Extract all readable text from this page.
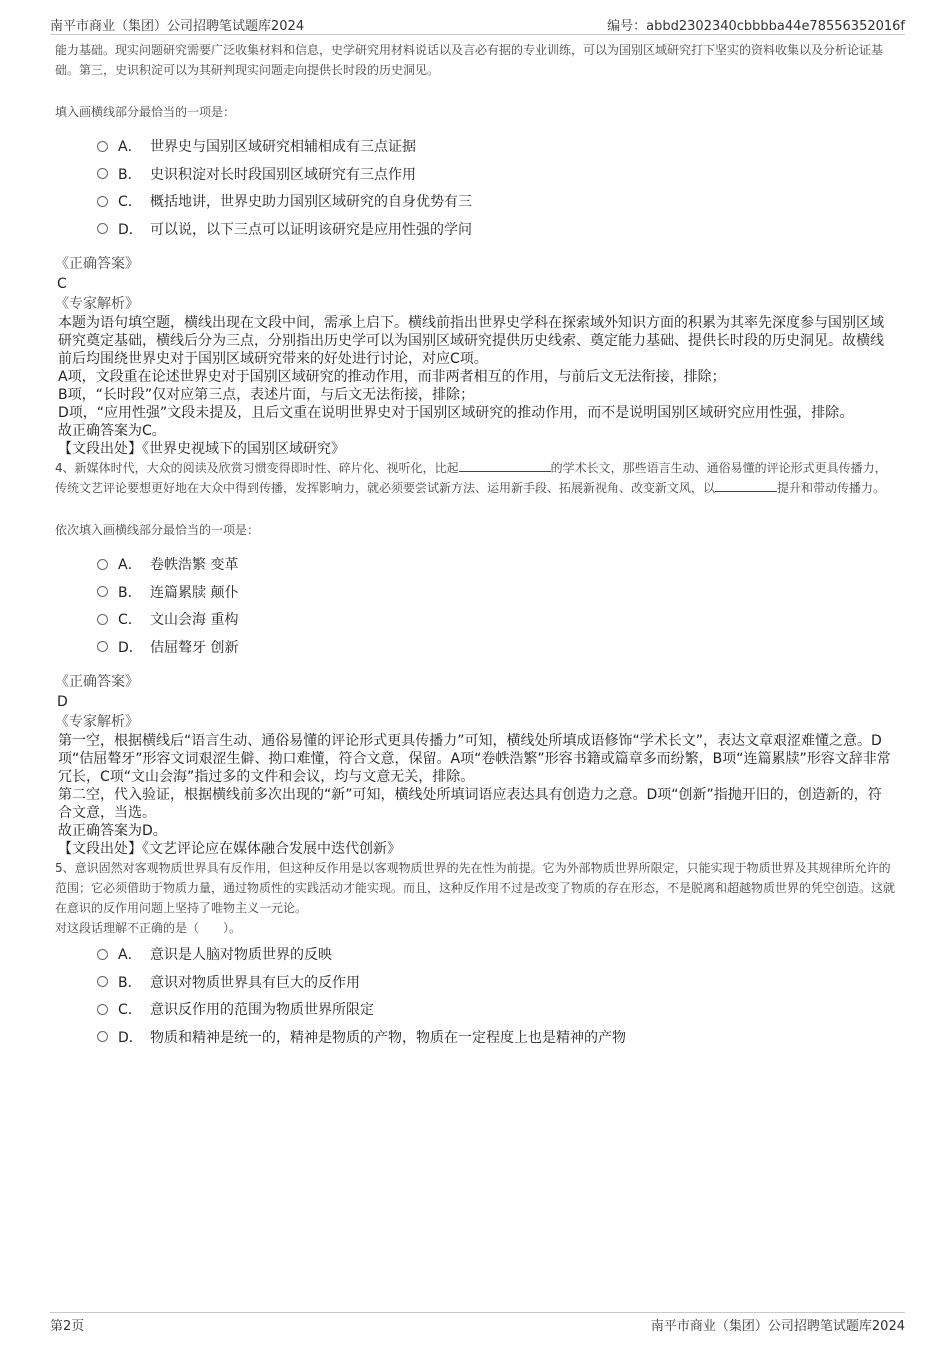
南平市商业（集团）公司招聘笔试题库2024	编号：abbd2302340cbbbba44e78556352016f

能力基础。现实问题研究需要广泛收集材料和信息，史学研究用材料说话以及言必有据的专业训练，可以为国别区域研究打下坚实的资料收集以及分析论证基础。第三，史识积淀可以为其研判现实问题走向提供长时段的历史洞见。

填入画横线部分最恰当的一项是：

A． 世界史与国别区域研究相辅相成有三点证据
B． 史识积淀对长时段国别区域研究有三点作用
C． 概括地讲，世界史助力国别区域研究的自身优势有三
D． 可以说，以下三点可以证明该研究是应用性强的学问

《正确答案》

C

《专家解析》

本题为语句填空题，横线出现在文段中间，需承上启下。横线前指出世界史学科在探索域外知识方面的积累为其率先深度参与国别区域研究奠定基础，横线后分为三点，分别指出历史学可以为国别区域研究提供历史线索、奠定能力基础、提供长时段的历史洞见。故横线前后均围绕世界史对于国别区域研究带来的好处进行讨论，对应C项。

A项，文段重在论述世界史对于国别区域研究的推动作用，而非两者相互的作用，与前后文无法衔接，排除；

B项，“长时段”仅对应第三点，表述片面，与后文无法衔接，排除；

D项，“应用性强”文段未提及，且后文重在说明世界史对于国别区域研究的推动作用，而不是说明国别区域研究应用性强，排除。

故正确答案为C。

【文段出处】《世界史视域下的国别区域研究》

4、新媒体时代，大众的阅读及欣赏习惯变得即时性、碎片化、视听化，比起	的学术长文，那些语言生动、通俗易懂的评论形式更具传播力，传统文艺评论要想更好地在大众中得到传播，发挥影响力，就必须要尝试新方法、运用新手段、拓展新视角、改变新文风，以	提升和带动传播力。

依次填入画横线部分最恰当的一项是：

A． 卷帙浩繁 变革
B． 连篇累牍 颠仆
C． 文山会海 重构
D． 佶屈聱牙 创新

《正确答案》

D

《专家解析》

第一空，根据横线后“语言生动、通俗易懂的评论形式更具传播力”可知，横线处所填成语修饰“学术长文”，表达文章艰涩难懂之意。D项“佶屈聱牙”形容文词艰涩生僻、拗口难懂，符合文意，保留。A项“卷帙浩繁”形容书籍或篇章多而纷繁，B项“连篇累牍”形容文辞非常冗长，C项“文山会海”指过多的文件和会议，均与文意无关，排除。

第二空，代入验证，根据横线前多次出现的“新”可知，横线处所填词语应表达具有创造力之意。D项“创新”指抛开旧的，创造新的，符合文意，当选。

故正确答案为D。

【文段出处】《文艺评论应在媒体融合发展中迭代创新》

5、意识固然对客观物质世界具有反作用，但这种反作用是以客观物质世界的先在性为前提。它为外部物质世界所限定，只能实现于物质世界及其规律所允许的范围；它必须借助于物质力量，通过物质性的实践活动才能实现。而且，这种反作用不过是改变了物质的存在形态，不是脱离和超越物质世界的凭空创造。这就在意识的反作用问题上坚持了唯物主义一元论。

对这段话理解不正确的是（　　）。

A． 意识是人脑对物质世界的反映
B． 意识对物质世界具有巨大的反作用
C． 意识反作用的范围为物质世界所限定
D． 物质和精神是统一的，精神是物质的产物，物质在一定程度上也是精神的产物
第2页	南平市商业（集团）公司招聘笔试题库2024
